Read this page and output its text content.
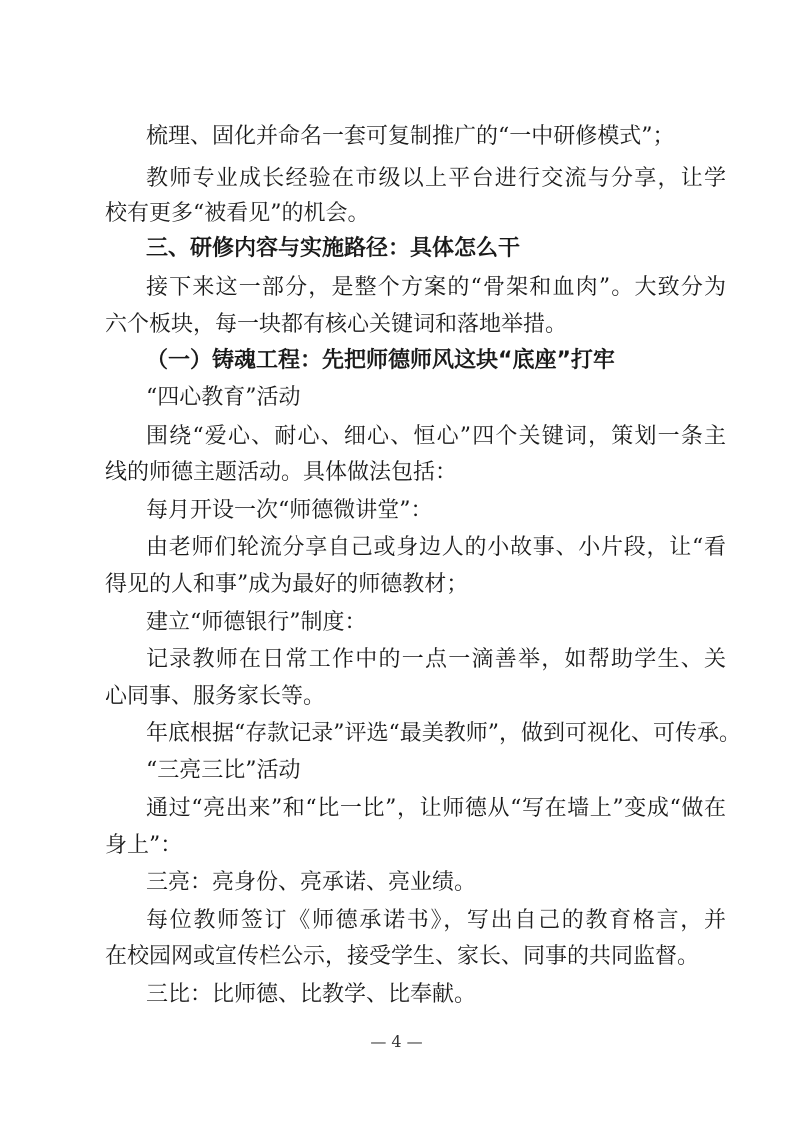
梳理、固化并命名一套可复制推广的“一中研修模式”；
教师专业成长经验在市级以上平台进行交流与分享，让学
校有更多“被看见”的机会。
三、研修内容与实施路径：具体怎么干
接下来这一部分，是整个方案的“骨架和血肉”。大致分为
六个板块，每一块都有核心关键词和落地举措。
（一）铸魂工程：先把师德师风这块“底座”打牢
“四心教育”活动
围绕“爱心、耐心、细心、恒心”四个关键词，策划一条主
线的师德主题活动。具体做法包括：
每月开设一次“师德微讲堂”：
由老师们轮流分享自己或身边人的小故事、小片段，让“看
得见的人和事”成为最好的师德教材；
建立“师德银行”制度：
记录教师在日常工作中的一点一滴善举，如帮助学生、关
心同事、服务家长等。
年底根据“存款记录”评选“最美教师”，做到可视化、可传承。
“三亮三比”活动
通过“亮出来”和“比一比”，让师德从“写在墙上”变成“做在
身上”：
三亮：亮身份、亮承诺、亮业绩。
每位教师签订《师德承诺书》，写出自己的教育格言，并
在校园网或宣传栏公示，接受学生、家长、同事的共同监督。
三比：比师德、比教学、比奉献。
— 4 —
